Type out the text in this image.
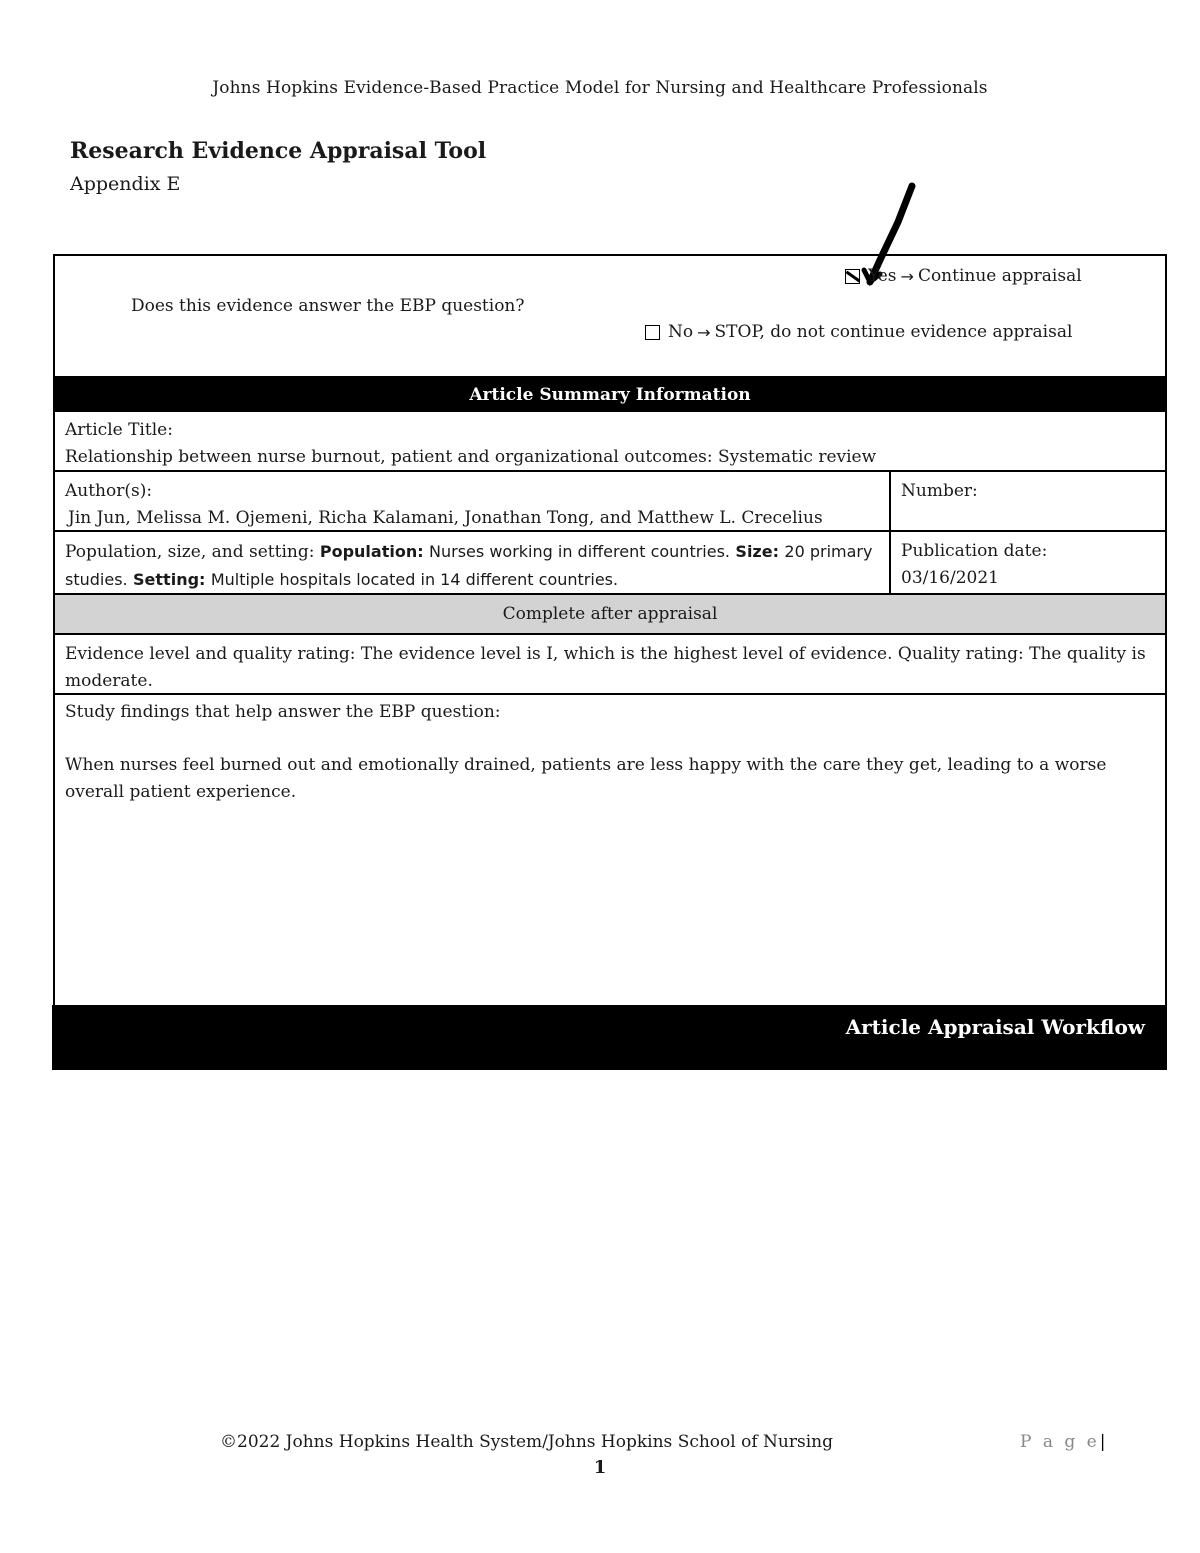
Johns Hopkins Evidence-Based Practice Model for Nursing and Healthcare Professionals
Research Evidence Appraisal Tool
Appendix E
Does this evidence answer the EBP question?
Yes → Continue appraisal
No → STOP, do not continue evidence appraisal
Article Summary Information
Article Title:
Relationship between nurse burnout, patient and organizational outcomes: Systematic review
Author(s):
Jin Jun, Melissa M. Ojemeni, Richa Kalamani, Jonathan Tong, and Matthew L. Crecelius
Number:
Population, size, and setting: Population: Nurses working in different countries. Size: 20 primary studies. Setting: Multiple hospitals located in 14 different countries.
Publication date:
03/16/2021
Complete after appraisal
Evidence level and quality rating: The evidence level is I, which is the highest level of evidence. Quality rating: The quality is moderate.
Study findings that help answer the EBP question:
When nurses feel burned out and emotionally drained, patients are less happy with the care they get, leading to a worse overall patient experience.
Article Appraisal Workflow
©2022 Johns Hopkins Health System/Johns Hopkins School of Nursing	P a g e|
1
